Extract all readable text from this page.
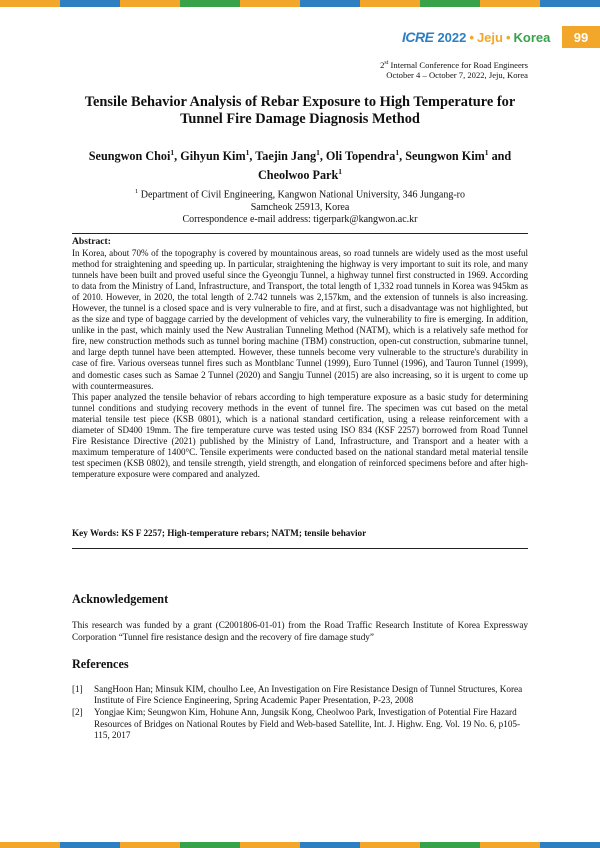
ICRE 2022 • Jeju • Korea	99
2st Internal Conference for Road Engineers
October 4 – October 7, 2022, Jeju, Korea
Tensile Behavior Analysis of Rebar Exposure to High Temperature for
Tunnel Fire Damage Diagnosis Method
Seungwon Choi$^1$, Gihyun Kim$^1$, Taejin Jang$^1$, Oli Topendra$^1$, Seungwon Kim$^1$ and
Cheolwoo Park$^1$
$^1$ Department of Civil Engineering, Kangwon National University, 346 Jungang-ro
Samcheok 25913, Korea
Correspondence e-mail address: tigerpark@kangwon.ac.kr
Abstract:

In Korea, about 70% of the topography is covered by mountainous areas, so road tunnels are widely used as the most useful method for straightening and speeding up. In particular, straightening the highway is very important to suit its role, and many tunnels have been built and proved useful since the Gyeongju Tunnel, a highway tunnel first constructed in 1969. According to data from the Ministry of Land, Infrastructure, and Transport, the total length of 1,332 road tunnels in Korea was 945km as of 2010. However, in 2020, the total length of 2.742 tunnels was 2,157km, and the extension of tunnels is also increasing. However, the tunnel is a closed space and is very vulnerable to fire, and at first, such a disadvantage was not highlighted, but as the size and type of baggage carried by the development of vehicles vary, the vulnerability to fire is emerging. In addition, unlike in the past, which mainly used the New Australian Tunneling Method (NATM), which is a relatively safe method for fire, new construction methods such as tunnel boring machine (TBM) construction, open-cut construction, submarine tunnel, and large depth tunnel have been attempted. However, these tunnels become very vulnerable to the structure's durability in case of fire. Various overseas tunnel fires such as Montblanc Tunnel (1999), Euro Tunnel (1996), and Tauron Tunnel (1999), and domestic cases such as Samae 2 Tunnel (2020) and Sangju Tunnel (2015) are also increasing, so it is urgent to come up with countermeasures.

This paper analyzed the tensile behavior of rebars according to high temperature exposure as a basic study for determining tunnel conditions and studying recovery methods in the event of tunnel fire. The specimen was cut based on the metal material tensile test piece (KSB 0801), which is a national standard certification, using a release reinforcement with a diameter of SD400 19mm. The fire temperature curve was tested using ISO 834 (KSF 2257) borrowed from Road Tunnel Fire Resistance Directive (2021) published by the Ministry of Land, Infrastructure, and Transport and a heater with a maximum temperature of 1400°C. Tensile experiments were conducted based on the national standard metal material tensile test specimen (KSB 0802), and tensile strength, yield strength, and elongation of reinforced specimens before and after high-temperature exposure were compared and analyzed.

Key Words: KS F 2257; High-temperature rebars; NATM; tensile behavior
Acknowledgement
This research was funded by a grant (C2001806-01-01) from the Road Traffic Research Institute of Korea Expressway Corporation “Tunnel fire resistance design and the recovery of fire damage study”
References
[1]	SangHoon Han; Minsuk KIM, choulho Lee, An Investigation on Fire Resistance Design of Tunnel Structures, Korea Institute of Fire Science Engineering, Spring Academic Paper Presentation, P-23, 2008
[2]	Yongjae Kim; Seungwon Kim, Hohune Ann, Jungsik Kong, Cheolwoo Park, Investigation of Potential Fire Hazard Resources of Bridges on National Routes by Field and Web-based Satellite, Int. J. Highw. Eng. Vol. 19 No. 6, p105-115, 2017
